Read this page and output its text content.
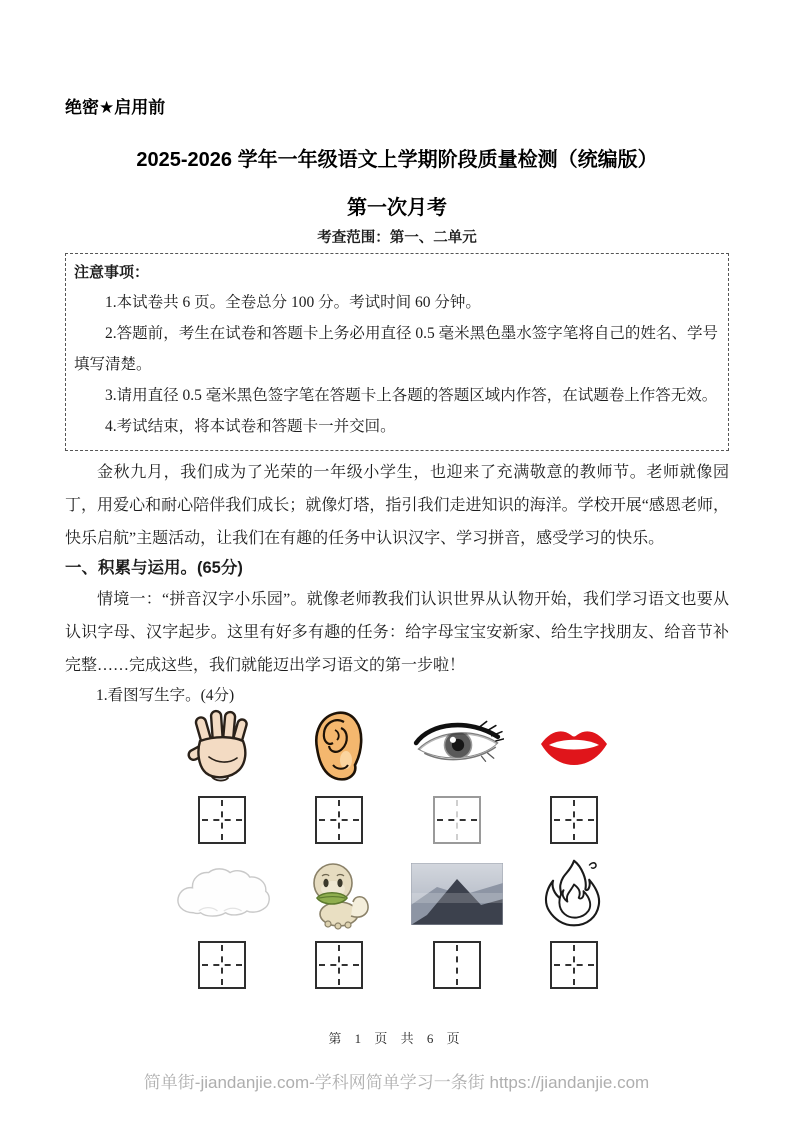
绝密★启用前
2025-2026 学年一年级语文上学期阶段质量检测（统编版）
第一次月考
考查范围：第一、二单元
注意事项：

1.本试卷共 6 页。全卷总分 100 分。考试时间 60 分钟。

2.答题前，考生在试卷和答题卡上务必用直径 0.5 毫米黑色墨水签字笔将自己的姓名、学号填写清楚。

3.请用直径 0.5 毫米黑色签字笔在答题卡上各题的答题区域内作答，在试题卷上作答无效。

4.考试结束，将本试卷和答题卡一并交回。

金秋九月，我们成为了光荣的一年级小学生，也迎来了充满敬意的教师节。老师就像园丁，用爱心和耐心陪伴我们成长；就像灯塔，指引我们走进知识的海洋。学校开展“感恩老师，快乐启航”主题活动，让我们在有趣的任务中认识汉字、学习拼音，感受学习的快乐。
一、积累与运用。(65分)
情境一：“拼音汉字小乐园”。就像老师教我们认识世界从认物开始，我们学习语文也要从认识字母、汉字起步。这里有好多有趣的任务：给字母宝宝安新家、给生字找朋友、给音节补完整……完成这些，我们就能迈出学习语文的第一步啦！
1.看图写生字。(4分)
第 1 页 共 6 页
简单街-jiandanjie.com-学科网简单学习一条街 https://jiandanjie.com
